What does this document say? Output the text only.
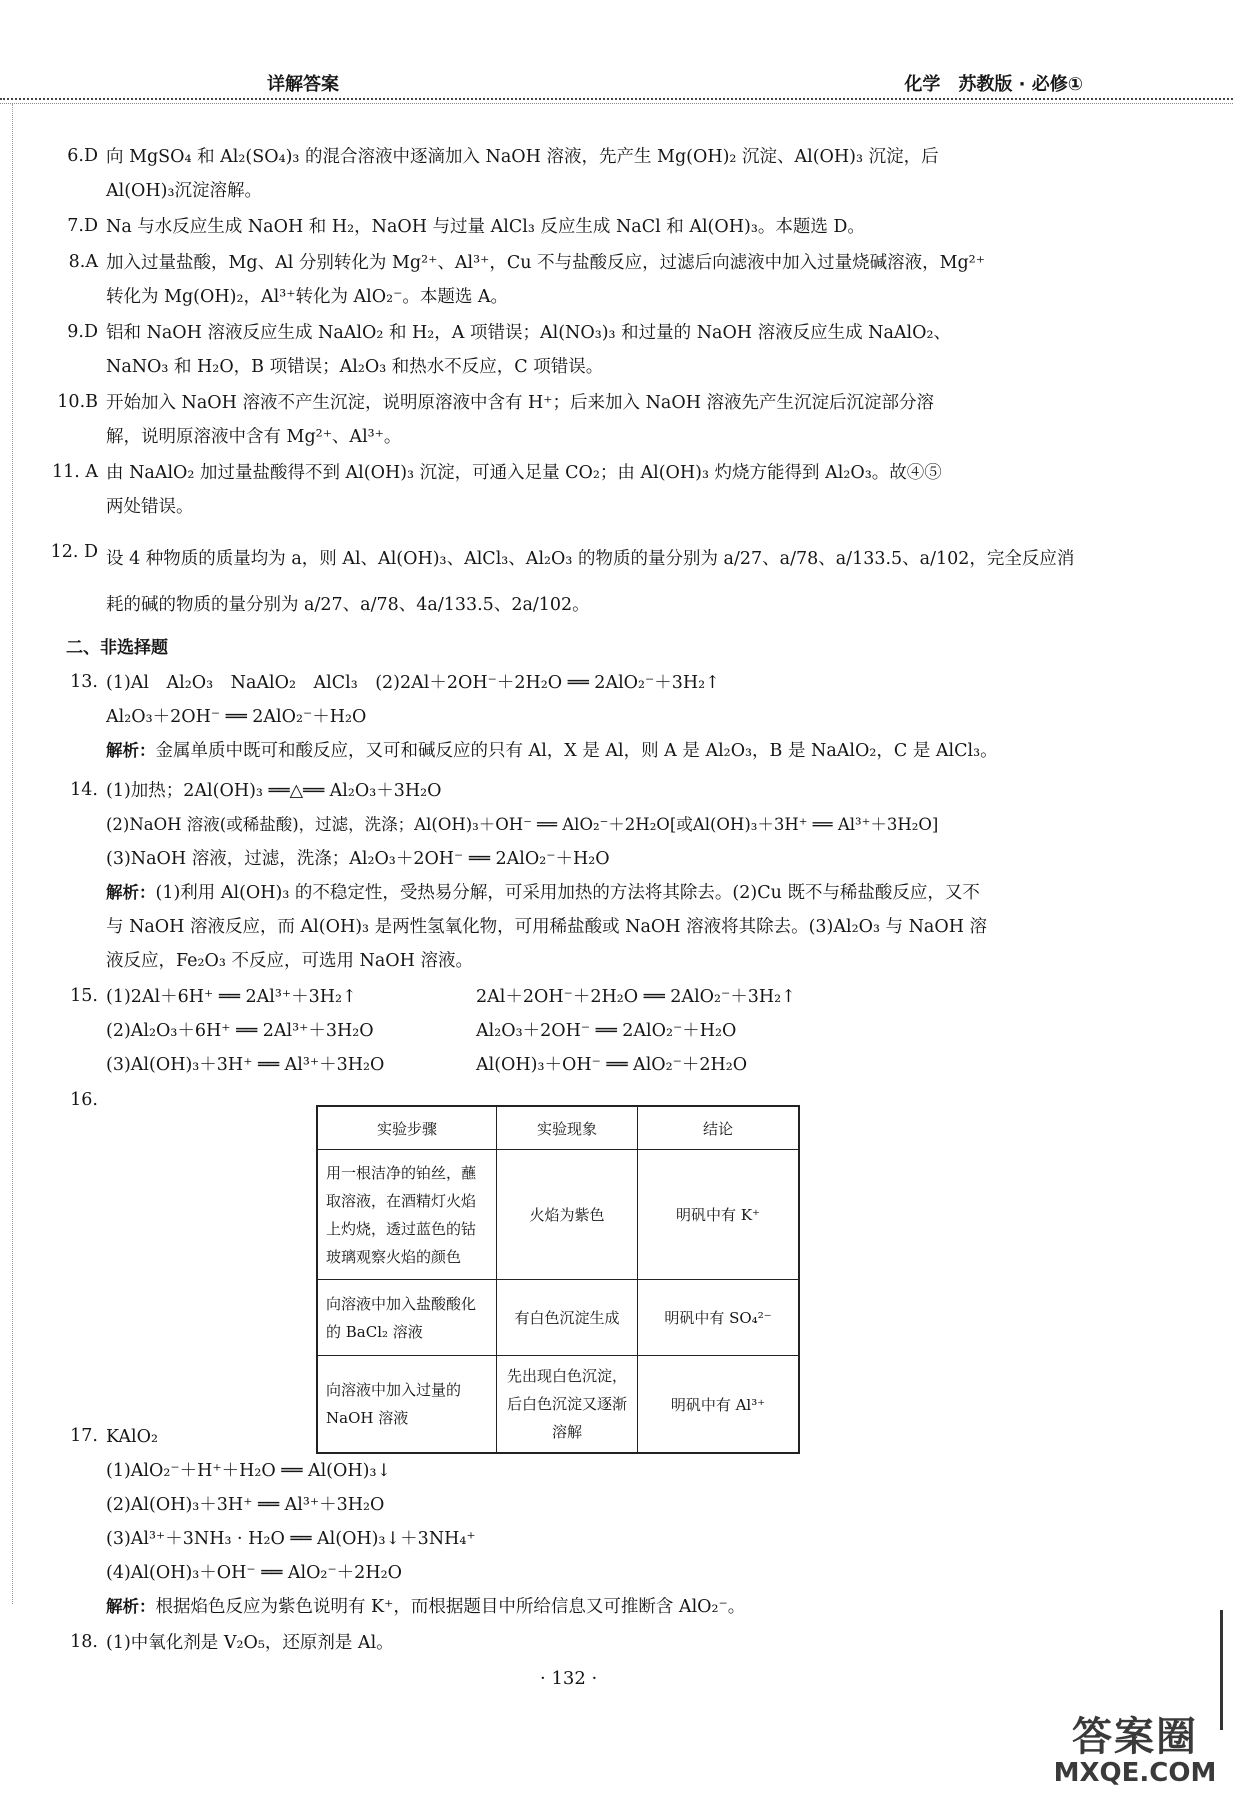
详解答案	化学　苏教版 · 必修①
6.D 向 MgSO₄ 和 Al₂(SO₄)₃ 的混合溶液中逐滴加入 NaOH 溶液，先产生 Mg(OH)₂ 沉淀、Al(OH)₃ 沉淀，后
Al(OH)₃沉淀溶解。
7.D Na 与水反应生成 NaOH 和 H₂，NaOH 与过量 AlCl₃ 反应生成 NaCl 和 Al(OH)₃。本题选 D。
8.A 加入过量盐酸，Mg、Al 分别转化为 Mg²⁺、Al³⁺，Cu 不与盐酸反应，过滤后向滤液中加入过量烧碱溶液，Mg²⁺
转化为 Mg(OH)₂，Al³⁺转化为 AlO₂⁻。本题选 A。
9.D 铝和 NaOH 溶液反应生成 NaAlO₂ 和 H₂，A 项错误；Al(NO₃)₃ 和过量的 NaOH 溶液反应生成 NaAlO₂、
NaNO₃ 和 H₂O，B 项错误；Al₂O₃ 和热水不反应，C 项错误。
10.B 开始加入 NaOH 溶液不产生沉淀，说明原溶液中含有 H⁺；后来加入 NaOH 溶液先产生沉淀后沉淀部分溶
解，说明原溶液中含有 Mg²⁺、Al³⁺。
11. A 由 NaAlO₂ 加过量盐酸得不到 Al(OH)₃ 沉淀，可通入足量 CO₂；由 Al(OH)₃ 灼烧方能得到 Al₂O₃。故④⑤
两处错误。
12. D 设 4 种物质的质量均为 a，则 Al、Al(OH)₃、AlCl₃、Al₂O₃ 的物质的量分别为 a/27、a/78、a/133.5、a/102，完全反应消
耗的碱的物质的量分别为 a/27、a/78、4a/133.5、2a/102。
二、非选择题
13. (1)Al　Al₂O₃　NaAlO₂　AlCl₃　(2)2Al＋2OH⁻＋2H₂O ══ 2AlO₂⁻＋3H₂↑
Al₂O₃＋2OH⁻ ══ 2AlO₂⁻＋H₂O
解析：金属单质中既可和酸反应，又可和碱反应的只有 Al，X 是 Al，则 A 是 Al₂O₃，B 是 NaAlO₂，C 是 AlCl₃。
14. (1)加热；2Al(OH)₃ ══△══ Al₂O₃＋3H₂O
(2)NaOH 溶液(或稀盐酸)，过滤，洗涤；Al(OH)₃＋OH⁻ ══ AlO₂⁻＋2H₂O[或Al(OH)₃＋3H⁺ ══ Al³⁺＋3H₂O]
(3)NaOH 溶液，过滤，洗涤；Al₂O₃＋2OH⁻ ══ 2AlO₂⁻＋H₂O
解析：(1)利用 Al(OH)₃ 的不稳定性，受热易分解，可采用加热的方法将其除去。(2)Cu 既不与稀盐酸反应，又不
与 NaOH 溶液反应，而 Al(OH)₃ 是两性氢氧化物，可用稀盐酸或 NaOH 溶液将其除去。(3)Al₂O₃ 与 NaOH 溶
液反应，Fe₂O₃ 不反应，可选用 NaOH 溶液。
15. (1)2Al＋6H⁺ ══ 2Al³⁺＋3H₂↑	2Al＋2OH⁻＋2H₂O ══ 2AlO₂⁻＋3H₂↑
(2)Al₂O₃＋6H⁺ ══ 2Al³⁺＋3H₂O	Al₂O₃＋2OH⁻ ══ 2AlO₂⁻＋H₂O
(3)Al(OH)₃＋3H⁺ ══ Al³⁺＋3H₂O	Al(OH)₃＋OH⁻ ══ AlO₂⁻＋2H₂O
16.
实验步骤	实验现象	结论
用一根洁净的铂丝，蘸取溶液，在酒精灯火焰上灼烧，透过蓝色的钴玻璃观察火焰的颜色	火焰为紫色	明矾中有 K⁺
向溶液中加入盐酸酸化的 BaCl₂ 溶液	有白色沉淀生成	明矾中有 SO₄²⁻
向溶液中加入过量的 NaOH 溶液	先出现白色沉淀，后白色沉淀又逐渐溶解	明矾中有 Al³⁺
17. KAlO₂
(1)AlO₂⁻＋H⁺＋H₂O ══ Al(OH)₃↓
(2)Al(OH)₃＋3H⁺ ══ Al³⁺＋3H₂O
(3)Al³⁺＋3NH₃ · H₂O ══ Al(OH)₃↓＋3NH₄⁺
(4)Al(OH)₃＋OH⁻ ══ AlO₂⁻＋2H₂O
解析：根据焰色反应为紫色说明有 K⁺，而根据题目中所给信息又可推断含 AlO₂⁻。
18. (1)中氧化剂是 V₂O₅，还原剂是 Al。
· 132 ·
答案圈
MXQE.COM
